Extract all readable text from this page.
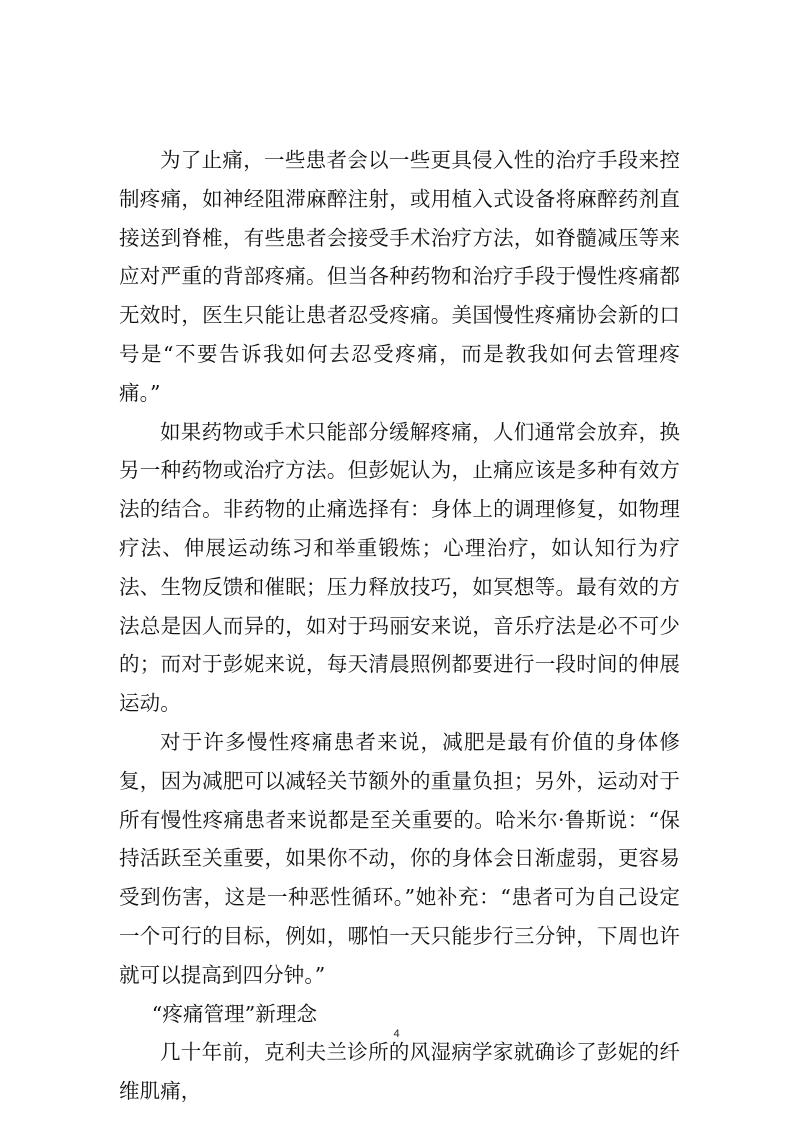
为了止痛，一些患者会以一些更具侵入性的治疗手段来控制疼痛，如神经阻滞麻醉注射，或用植入式设备将麻醉药剂直接送到脊椎，有些患者会接受手术治疗方法，如脊髓减压等来应对严重的背部疼痛。但当各种药物和治疗手段于慢性疼痛都无效时，医生只能让患者忍受疼痛。美国慢性疼痛协会新的口号是“不要告诉我如何去忍受疼痛，而是教我如何去管理疼痛。”

如果药物或手术只能部分缓解疼痛，人们通常会放弃，换另一种药物或治疗方法。但彭妮认为，止痛应该是多种有效方法的结合。非药物的止痛选择有：身体上的调理修复，如物理疗法、伸展运动练习和举重锻炼；心理治疗，如认知行为疗法、生物反馈和催眠；压力释放技巧，如冥想等。最有效的方法总是因人而异的，如对于玛丽安来说，音乐疗法是必不可少的；而对于彭妮来说，每天清晨照例都要进行一段时间的伸展运动。

对于许多慢性疼痛患者来说，减肥是最有价值的身体修复，因为减肥可以减轻关节额外的重量负担；另外，运动对于所有慢性疼痛患者来说都是至关重要的。哈米尔·鲁斯说：“保持活跃至关重要，如果你不动，你的身体会日渐虚弱，更容易受到伤害，这是一种恶性循环。”她补充：“患者可为自己设定一个可行的目标，例如，哪怕一天只能步行三分钟，下周也许就可以提高到四分钟。”

“疼痛管理”新理念

几十年前，克利夫兰诊所的风湿病学家就确诊了彭妮的纤维肌痛，

4
